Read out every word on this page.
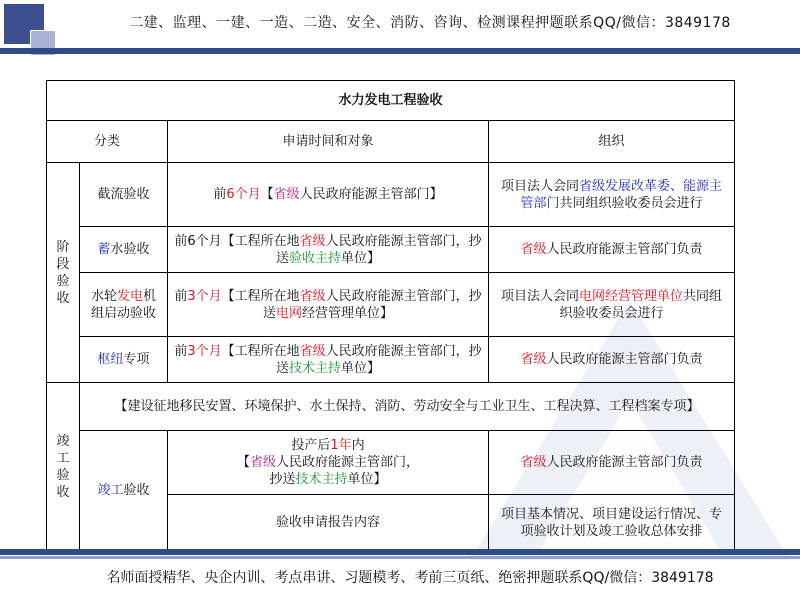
二建、监理、一建、一造、二造、安全、消防、咨询、检测课程押题联系QQ/微信：3849178
水力发电工程验收			
分类		申请时间和对象	组织

阶段验收	截流验收	前6个月【省级人民政府能源主管部门】	项目法人会同省级发展改革委、能源主管部门共同组织验收委员会进行
	蓄水验收	前6个月【工程所在地省级人民政府能源主管部门，抄送验收主持单位】	省级人民政府能源主管部门负责
	水轮发电机组启动验收	前3个月【工程所在地省级人民政府能源主管部门，抄送电网经营管理单位】	项目法人会同电网经营管理单位共同组织验收委员会进行
	枢纽专项	前3个月【工程所在地省级人民政府能源主管部门，抄送技术主持单位】	省级人民政府能源主管部门负责

竣工验收	【建设征地移民安置、环境保护、水土保持、消防、劳动安全与工业卫生、工程决算、工程档案专项】		
	竣工验收	投产后1年内
【省级人民政府能源主管部门，
抄送技术主持单位】	省级人民政府能源主管部门负责
		验收申请报告内容	项目基本情况、项目建设运行情况、专项验收计划及竣工验收总体安排
名师面授精华、央企内训、考点串讲、习题模考、考前三页纸、绝密押题联系QQ/微信：3849178
